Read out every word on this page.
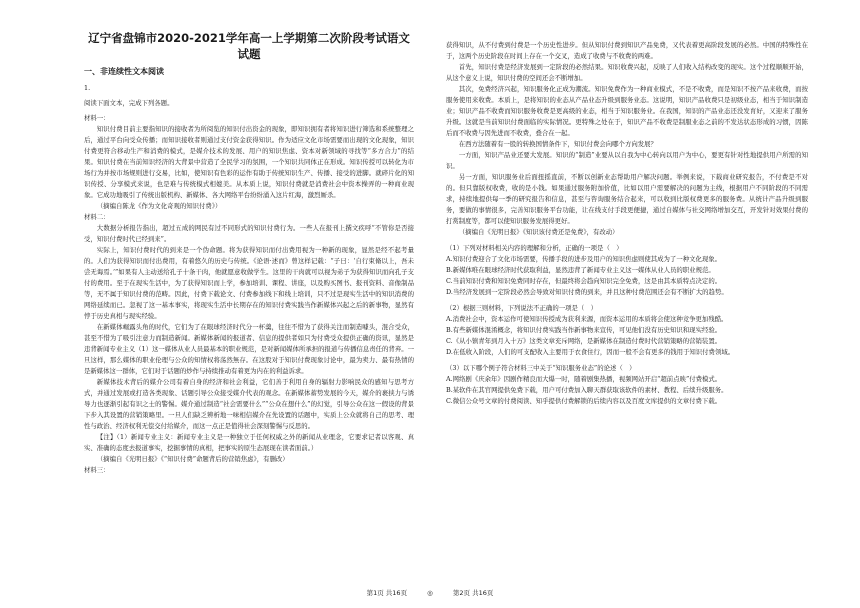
辽宁省盘锦市2020-2021学年高一上学期第二次阶段考试语文试题
一、非连续性文本阅读

1.

阅读下面文本，完成下列各题。

材料一：

知识付费目前主要指知识的接收者为所阅览的知识付出资金的现象，即知识拥有者将知识进行筛选和系统整理之后，通过平台向受众传播；而知识接收者则通过支付资金获得知识。作为适应文化市场需要而出现的文化现象，知识付费更符合移动生产和消费的模式，是媒介技术的发展、用户的知识焦虑、资本对新领域的寻找等“多方合力”的结果。知识付费在当前知识经济的大背景中营造了全民学习的氛围，一个知识共同体正在形成。知识传授可以转化为市场行为并按市场规则进行交易，比如，使知识有色彩的运作有助于传统知识生产、传播、接受的进脚。就碎片化的知识传授、分享模式来说，也是难与传统模式相媲美。从本质上说，知识付费就是消费社会中资本操弄的一种商业现象。它成功地吸引了传统出版机构、新媒体、各大网络平台纷纷涌入这片红海，激烈厮杀。

（摘编自陈龙《作为文化奇观的知识付费》）

材料二：

大数据分析报告指出，超过五成的网民有过不同形式的知识付费行为。一些人在报刊上撰文疾呼“不管你是否接受，知识付费时代已经到来”。

实际上，知识付费时代的到来是一个伪命题。将为获得知识而付出费用视为一种新的现象，显然是经不起考量的。人们为获得知识而付出费用，有着悠久的历史与传统。《论语·述而》曾这样记载：“子曰：‘自行束脩以上，吾未尝无诲焉。’”如果有人主动送给孔子十条干肉，他就愿意收做学生。这里的干肉就可以视为弟子为获得知识而向孔子支付的费用。至于在现实生活中，为了获得知识而上学，参加培训、课程、讲座，以及购买图书、报刊资料、音像制品等，无不属于知识付费的范畴。因此，付费下载论文、付费参加线下和线上培训，只不过是现实生活中的知识消费的网络延续而已。忽视了这一基本事实，将现实生活中长期存在的知识付费实践当作新媒体兴起之后的新事物，显然有悖于历史真相与现实经验。

在新媒体崛露头角的时代，它们为了在眼球经济时代分一杯羹，往往不惜为了获得关注而制造噱头，混合受众，甚至不惜为了吸引注意力而制造新闻。新媒体新闻的报道者、信息的提供者如只为付费受众提供正确的资讯，显然是违背新闻专业主义（1）这一媒体从业人员最基本的职业规范，是对新闻媒体所承担的报道与传播信息责任的背弃。一旦这样，那么媒体的职业伦理与公众的知情权将荡然無存。在这股对于知识付费现象讨论中，最为卖力、最有热情的是新媒体这一群体，它们对于话题的炒作与持续推动有着更为内在的利益诉求。

新媒体技术背后的媒介公司有着自身的经济和社会利益，它们善于利用自身的辐射力影响民众的感知与思考方式，并通过发展或打造各类现象、话题引导公众接受媒介代表的观念。在新媒体蓄势发展的今天，媒介的裹挟力与诱导力也逐渐引起有识之士的警惕。媒介通过制造“社会需要什么”“公众在想什么”的幻觉，引导公众在这一假设的背景下步入其设置的营销策略里。一旦人们缺乏辨析地一味相信媒介在先设置的话题中，实质上公众就将自己的思考、理性与政治、经济权利无偿交付给媒介，而这一点正是值得社会深刻警惕与反思的。

【注】（1）新闻专业主义：新闻专业主义是一种独立于任何权威之外的新闻从业理念，它要求记者以客观、真实、准确的态度去报道事实，挖掘事情的真相，把事实的原生态展现在读者面前。）

（摘编自《光明日报》《“知识付费”命题背后的营销焦虑》，有删改）

材料三：

获得知识，从不付费到付费是一个历史性进步。但从知识付费到知识产品免费，又代表着更高阶段发展的必然。中国的特殊性在于，这两个历史阶段在时间上存在一个交叉，造成了收费与不收费的两难。

首先，知识付费是经济发展到一定阶段的必然结果。知识收费兴起，反映了人们收入结构改变的现实。这个过程顺顺开始，从这个意义上说，知识付费的空间还会不断增加。

其次，免费经济兴起，知识服务化正成为潮流。知识免费作为一种商业模式，不是不收费，而是知识不按产品来收费，而按服务使用来收费。本质上，是将知识的业态从产品业态升级到服务业态。这说明，知识产品收费只是初级业态，相当于知识制造业；知识产品不收费而知识服务收费是更高级的业态，相当于知识服务业。在我国，知识的产品业态还没发育好，又迎来了服务升级。这就是当前知识付费面临的实际情况。更特殊之处在于，知识产品不收费是制服业态之前的不发达状态形成的习惯，因陈后而不收费与因先进而不收费，叠合在一起。

在西方法随着有一股的转换国情条件下，知识付费会向哪个方向发展？

一方面，知识产品业还要大发展。知识的“制造”业要从以自我为中心转向以用户为中心，要更有针对性地提供用户所需的知识。

另一方面，知识服务业后面扭摇直前，不断以创新业态帮助用户解决问题。举例来说，下载商业研究报告，不付费是不对的。但只靠版权收费，收的是小钱。如果通过服务附加价值，比如以用户需要解决的问题为主线，根据用户不同阶段的不同需求，持续地提供每一季的研究报告和信息，甚至与咨询服务结合起来，可以收到比版权费更多的服务费。从统计产品升级到服务，要做的事情很多，完善知识服务平台功能，让在线支付手段更便捷，通过自媒体与社交网络增加交互，开发针对效果付费的打赏制度等，都可以使知识服务发展得更好。

（摘编自《光明日报》《知识该付费还是免费》，有改动）

（1）下列对材料相关内容的理解和分析，正确的一项是（　）

A.知识付费迎合了文化市场需要，传播手段的进步及用户的知识焦虑则使其成为了一种文化现象。

B.新媒体唯在眼球经济时代获取利益，显然违背了新闻专业主义这一媒体从业人员的职业规范。

C.当前知识付费和知识免费同时存在，但最终将会趋向知识完全免费，这是由其本质特点决定的。

D.当经济发展到一定阶段必然会导致对知识付费的到来，并且这种付费范围还会有不断扩大的趋势。

（2）根据三则材料，下列说法不正确的一项是（　）

A.消费社会中，资本运作可使知识传授成为获利来源，而资本运用的本质将会使这种竞争更加残酷。

B.有些新媒体混淆概念，将知识付费实践当作新事物来宣传，可见他们没有历史知识和现实经验。

C.《从小镇青年到月入十万》这类文章充斥网络，是新媒体在制造付费时代营销策略的营销装置。

D.在低收入阶段，人们的可支配收入主要用于衣食住行，因而一般不会有更多的钱用于知识付费领域。

（3）以下哪个例子符合材料三中关于“知识服务业态”的论述（　）

A.网络剧《庆余年》因剧作精良而大爆一时，随着剧集热播，视频网站开启“超前点映”付费模式。

B.某软件在其官网提供免费下载，用户可付费加入聊天群获取该软件的素材、教程、后续升级服务。

C.微信公众号文章的付费阅读、知乎提供付费解锁的后续内容以及百度文库提供的文章付费下载。

第1页 共16页	◎	第2页 共16页
